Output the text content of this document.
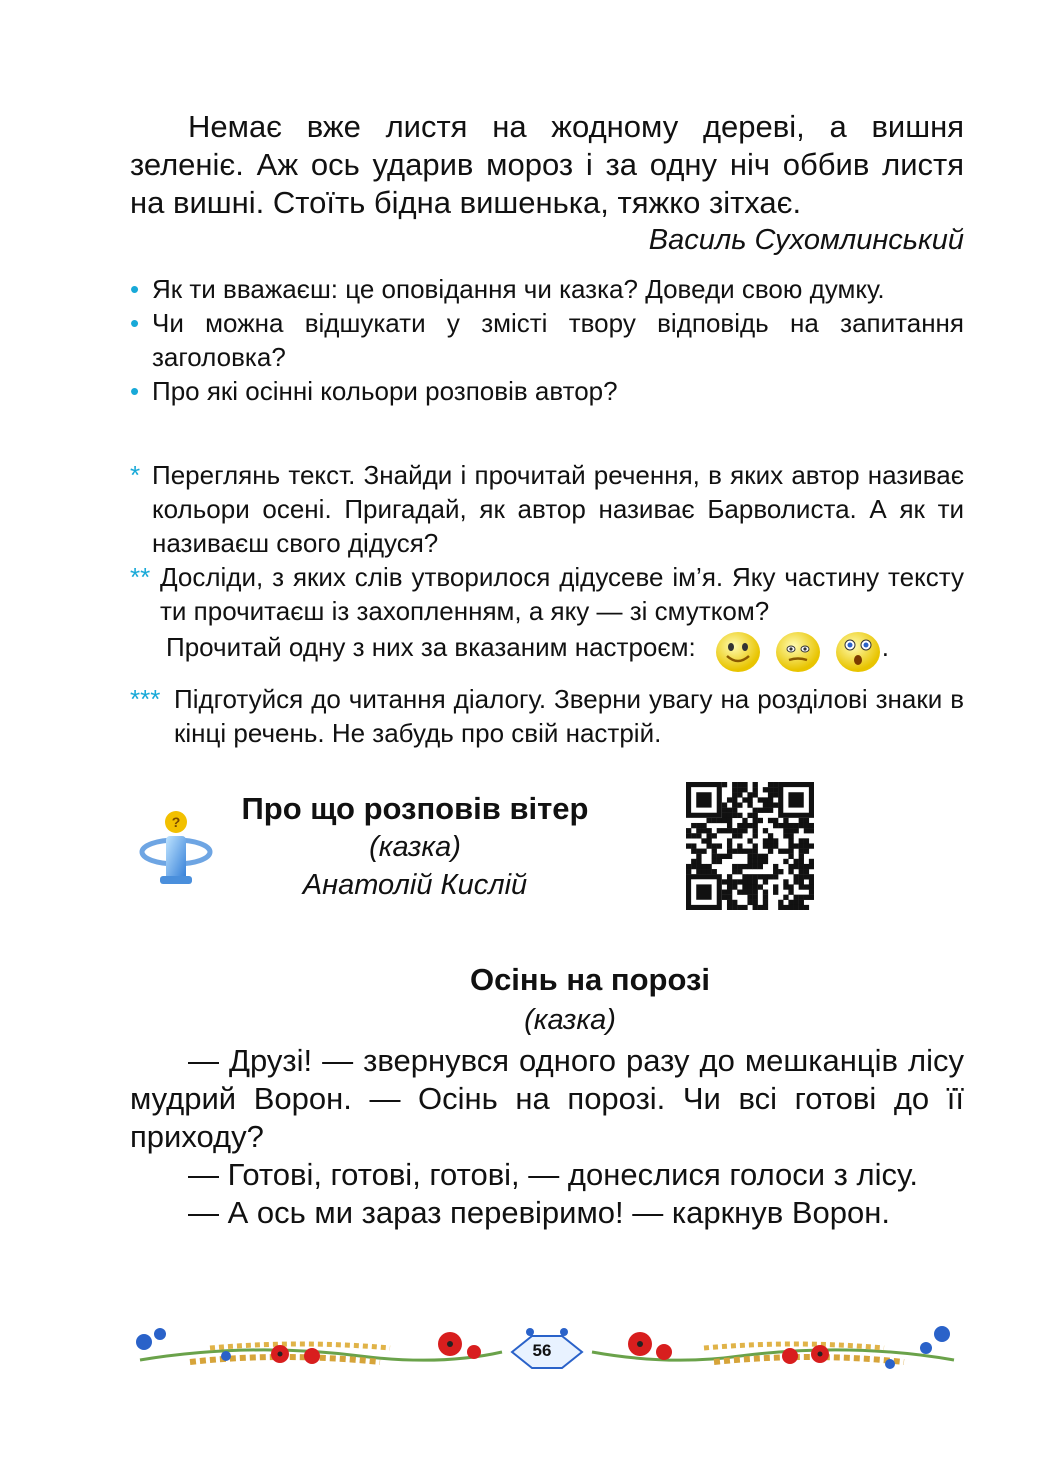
Немає вже листя на жодному дереві, а вишня зеленіє. Аж ось ударив мороз і за одну ніч оббив листя на вишні. Стоїть бідна вишенька, тяжко зітхає.

Василь Сухомлинський
• Як ти вважаєш: це оповідання чи казка? Доведи свою думку.
• Чи можна відшукати у змісті твору відповідь на запитання заголовка?
• Про які осінні кольори розповів автор?
* Переглянь текст. Знайди і прочитай речення, в яких автор називає кольори осені. Пригадай, як автор називає Барволиста. А як ти називаєш свого дідуся?
** Досліди, з яких слів утворилося дідусеве ім’я. Яку частину тексту ти прочитаєш із захопленням, а яку — зі смутком?
Прочитай одну з них за вказаним настроєм:	.
*** Підготуйся до читання діалогу. Зверни увагу на розділові знаки в кінці речень. Не забудь про свій настрій.
?	Про що розповів вітер
(казка)
Анатолій Кислій
Осінь на порозі
(казка)

— Друзі! — звернувся одного разу до мешканців лісу мудрий Ворон. — Осінь на порозі. Чи всі готові до її приходу?

— Готові, готові, готові, — донеслися голоси з лісу.

— А ось ми зараз перевіримо! — каркнув Ворон.

56
